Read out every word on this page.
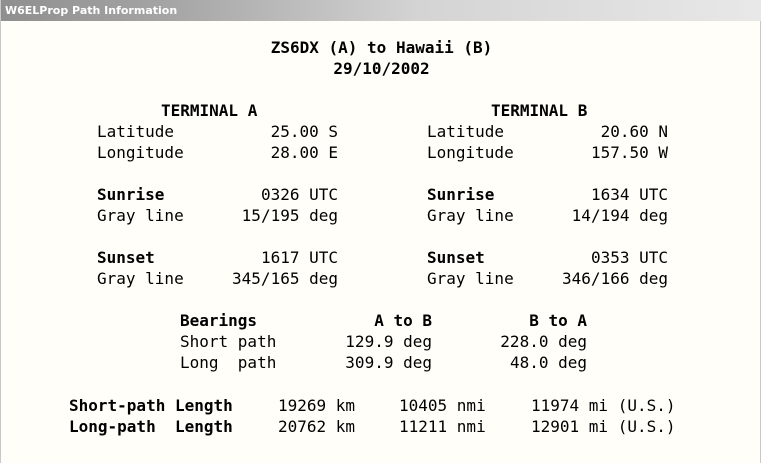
W6ELProp Path Information
ZS6DX (A) to Hawaii (B)
29/10/2002
TERMINAL A
Latitude	25.00 S
Longitude	28.00 E
Sunrise	0326 UTC
Gray line	15/195 deg
Sunset	1617 UTC
Gray line	345/165 deg
TERMINAL B
Latitude	20.60 N
Longitude	157.50 W
Sunrise	1634 UTC
Gray line	14/194 deg
Sunset	0353 UTC
Gray line	346/166 deg
Bearings	A to B	B to A
Short path	129.9 deg	228.0 deg
Long  path	309.9 deg	48.0 deg
Short-path Length	19269 km	10405 nmi	11974 mi (U.S.)
Long-path  Length	20762 km	11211 nmi	12901 mi (U.S.)
